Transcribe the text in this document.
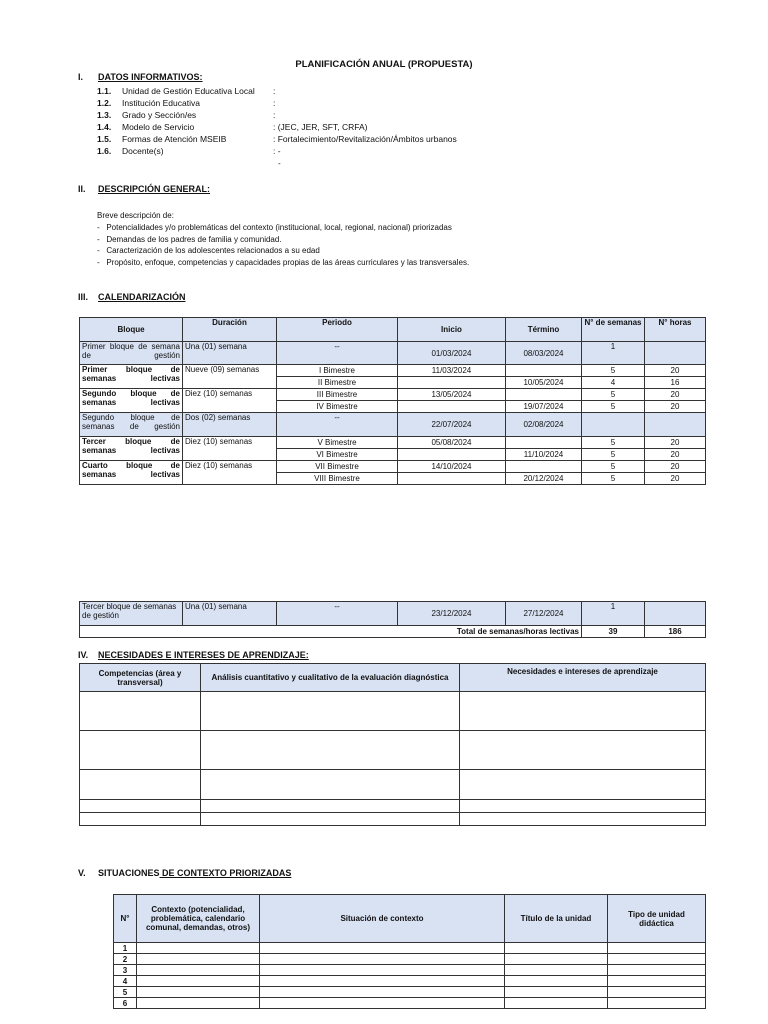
PLANIFICACIÓN ANUAL (PROPUESTA)
I. DATOS INFORMATIVOS:
1.1. Unidad de Gestión Educativa Local :
1.2. Institución Educativa	:
1.3. Grado y Sección/es	:
1.4. Modelo de Servicio	: (JEC, JER, SFT, CRFA)
1.5. Formas de Atención MSEIB	: Fortalecimiento/Revitalización/Ámbitos urbanos
1.6. Docente(s)	: -
-
II. DESCRIPCIÓN GENERAL:
Breve descripción de:
-   Potencialidades y/o problemáticas del contexto (institucional, local, regional, nacional) priorizadas
-   Demandas de los padres de familia y comunidad.
-   Caracterización de los adolescentes relacionados a su edad
-   Propósito, enfoque, competencias y capacidades propias de las áreas curriculares y las transversales.
III. CALENDARIZACIÓN
Bloque	Duración	Periodo	Inicio	Término	N° de semanas	N° horas
Primer bloque de semana de gestión	Una (01) semana	--	01/03/2024	08/03/2024	1	
Primer bloque de semanas lectivas	Nueve (09) semanas	I Bimestre	11/03/2024		5	20
		II Bimestre		10/05/2024	4	16
Segundo bloque de semanas lectivas	Diez (10) semanas	III Bimestre	13/05/2024		5	20
		IV Bimestre		19/07/2024	5	20
Segundo bloque de semanas de gestión	Dos (02) semanas	--	22/07/2024	02/08/2024		
Tercer bloque de semanas lectivas	Diez (10) semanas	V Bimestre	05/08/2024		5	20
		VI Bimestre		11/10/2024	5	20
Cuarto bloque de semanas lectivas	Diez (10) semanas	VII Bimestre	14/10/2024		5	20
		VIII Bimestre		20/12/2024	5	20
Tercer bloque de semanas de gestión	Una (01) semana	--	23/12/2024	27/12/2024	1	
Total de semanas/horas lectivas					39	186
IV. NECESIDADES E INTERESES DE APRENDIZAJE:
Competencias (área y transversal)	Análisis cuantitativo y cualitativo de la evaluación diagnóstica	Necesidades e intereses de aprendizaje

V. SITUACIONES DE CONTEXTO PRIORIZADAS
N°	Contexto (potencialidad, problemática, calendario comunal, demandas, otros)	Situación de contexto	Título de la unidad	Tipo de unidad didáctica
1				
2				
3				
4				
5				
6				
